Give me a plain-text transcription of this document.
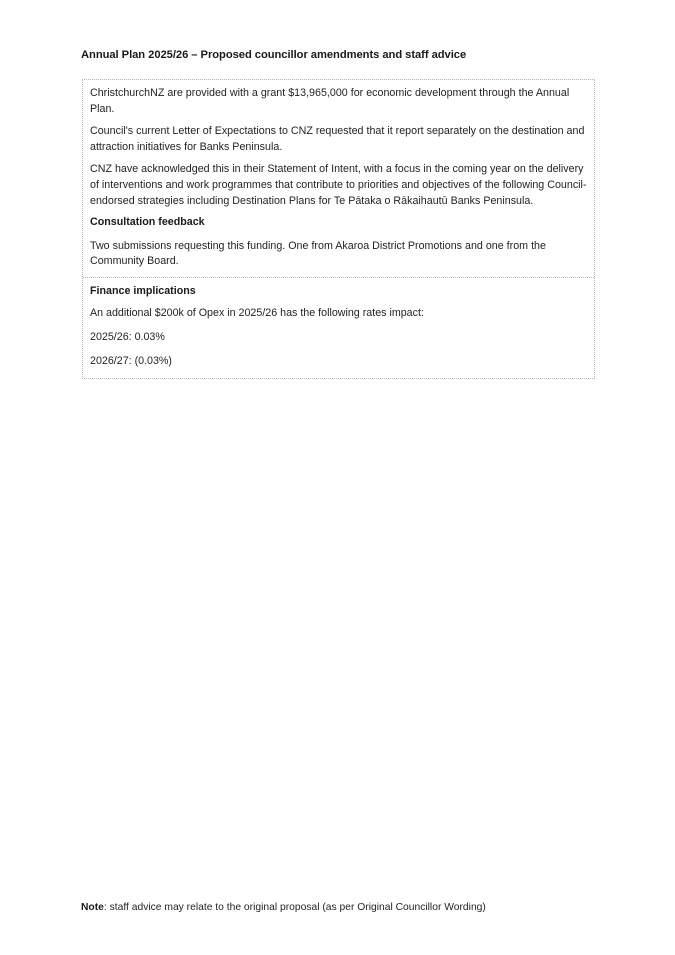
Annual Plan 2025/26 – Proposed councillor amendments and staff advice

ChristchurchNZ are provided with a grant $13,965,000 for economic development through the Annual Plan.

Council's current Letter of Expectations to CNZ requested that it report separately on the destination and attraction initiatives for Banks Peninsula.

CNZ have acknowledged this in their Statement of Intent, with a focus in the coming year on the delivery of interventions and work programmes that contribute to priorities and objectives of the following Council-endorsed strategies including Destination Plans for Te Pātaka o Rākaihautū Banks Peninsula.

Consultation feedback

Two submissions requesting this funding. One from Akaroa District Promotions and one from the Community Board.

Finance implications

An additional $200k of Opex in 2025/26 has the following rates impact:

2025/26: 0.03%

2026/27: (0.03%)

Note: staff advice may relate to the original proposal (as per Original Councillor Wording)
